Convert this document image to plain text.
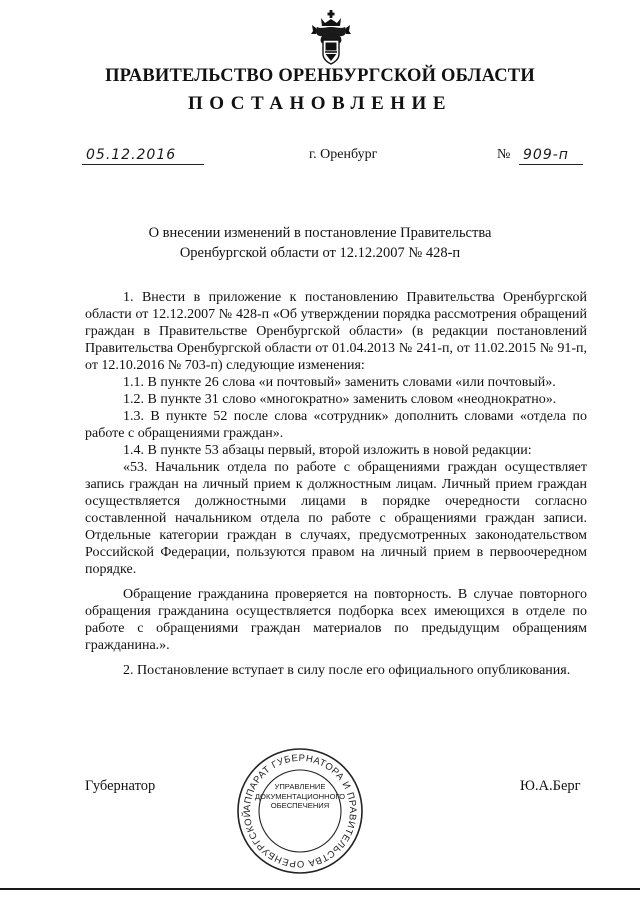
ПРАВИТЕЛЬСТВО ОРЕНБУРГСКОЙ ОБЛАСТИ
ПОСТАНОВЛЕНИЕ
05.12.2016	г. Оренбург	№ 909-п
О внесении изменений в постановление Правительства
Оренбургской области от 12.12.2007 № 428-п

1. Внести в приложение к постановлению Правительства Оренбургской области от 12.12.2007 № 428-п «Об утверждении порядка рассмотрения обращений граждан в Правительстве Оренбургской области» (в редакции постановлений Правительства Оренбургской области от 01.04.2013 № 241-п, от 11.02.2015 № 91-п, от 12.10.2016 № 703-п) следующие изменения:

1.1. В пункте 26 слова «и почтовый» заменить словами «или почтовый».

1.2. В пункте 31 слово «многократно» заменить словом «неоднократно».

1.3. В пункте 52 после слова «сотрудник» дополнить словами «отдела по работе с обращениями граждан».

1.4. В пункте 53 абзацы первый, второй изложить в новой редакции:

«53. Начальник отдела по работе с обращениями граждан осуществляет запись граждан на личный прием к должностным лицам. Личный прием граждан осуществляется должностными лицами в порядке очередности согласно составленной начальником отдела по работе с обращениями граждан записи. Отдельные категории граждан в случаях, предусмотренных законодательством Российской Федерации, пользуются правом на личный прием в первоочередном порядке.

Обращение гражданина проверяется на повторность. В случае повторного обращения гражданина осуществляется подборка всех имеющихся в отделе по работе с обращениями граждан материалов по предыдущим обращениям гражданина.».

2. Постановление вступает в силу после его официального опубликования.

Губернатор	Ю.А.Берг
АППАРАТ ГУБЕРНАТОРА И ПРАВИТЕЛЬСТВА ОРЕНБУРГСКОЙ
УПРАВЛЕНИЕ
ДОКУМЕНТАЦИОННОГО
ОБЕСПЕЧЕНИЯ
